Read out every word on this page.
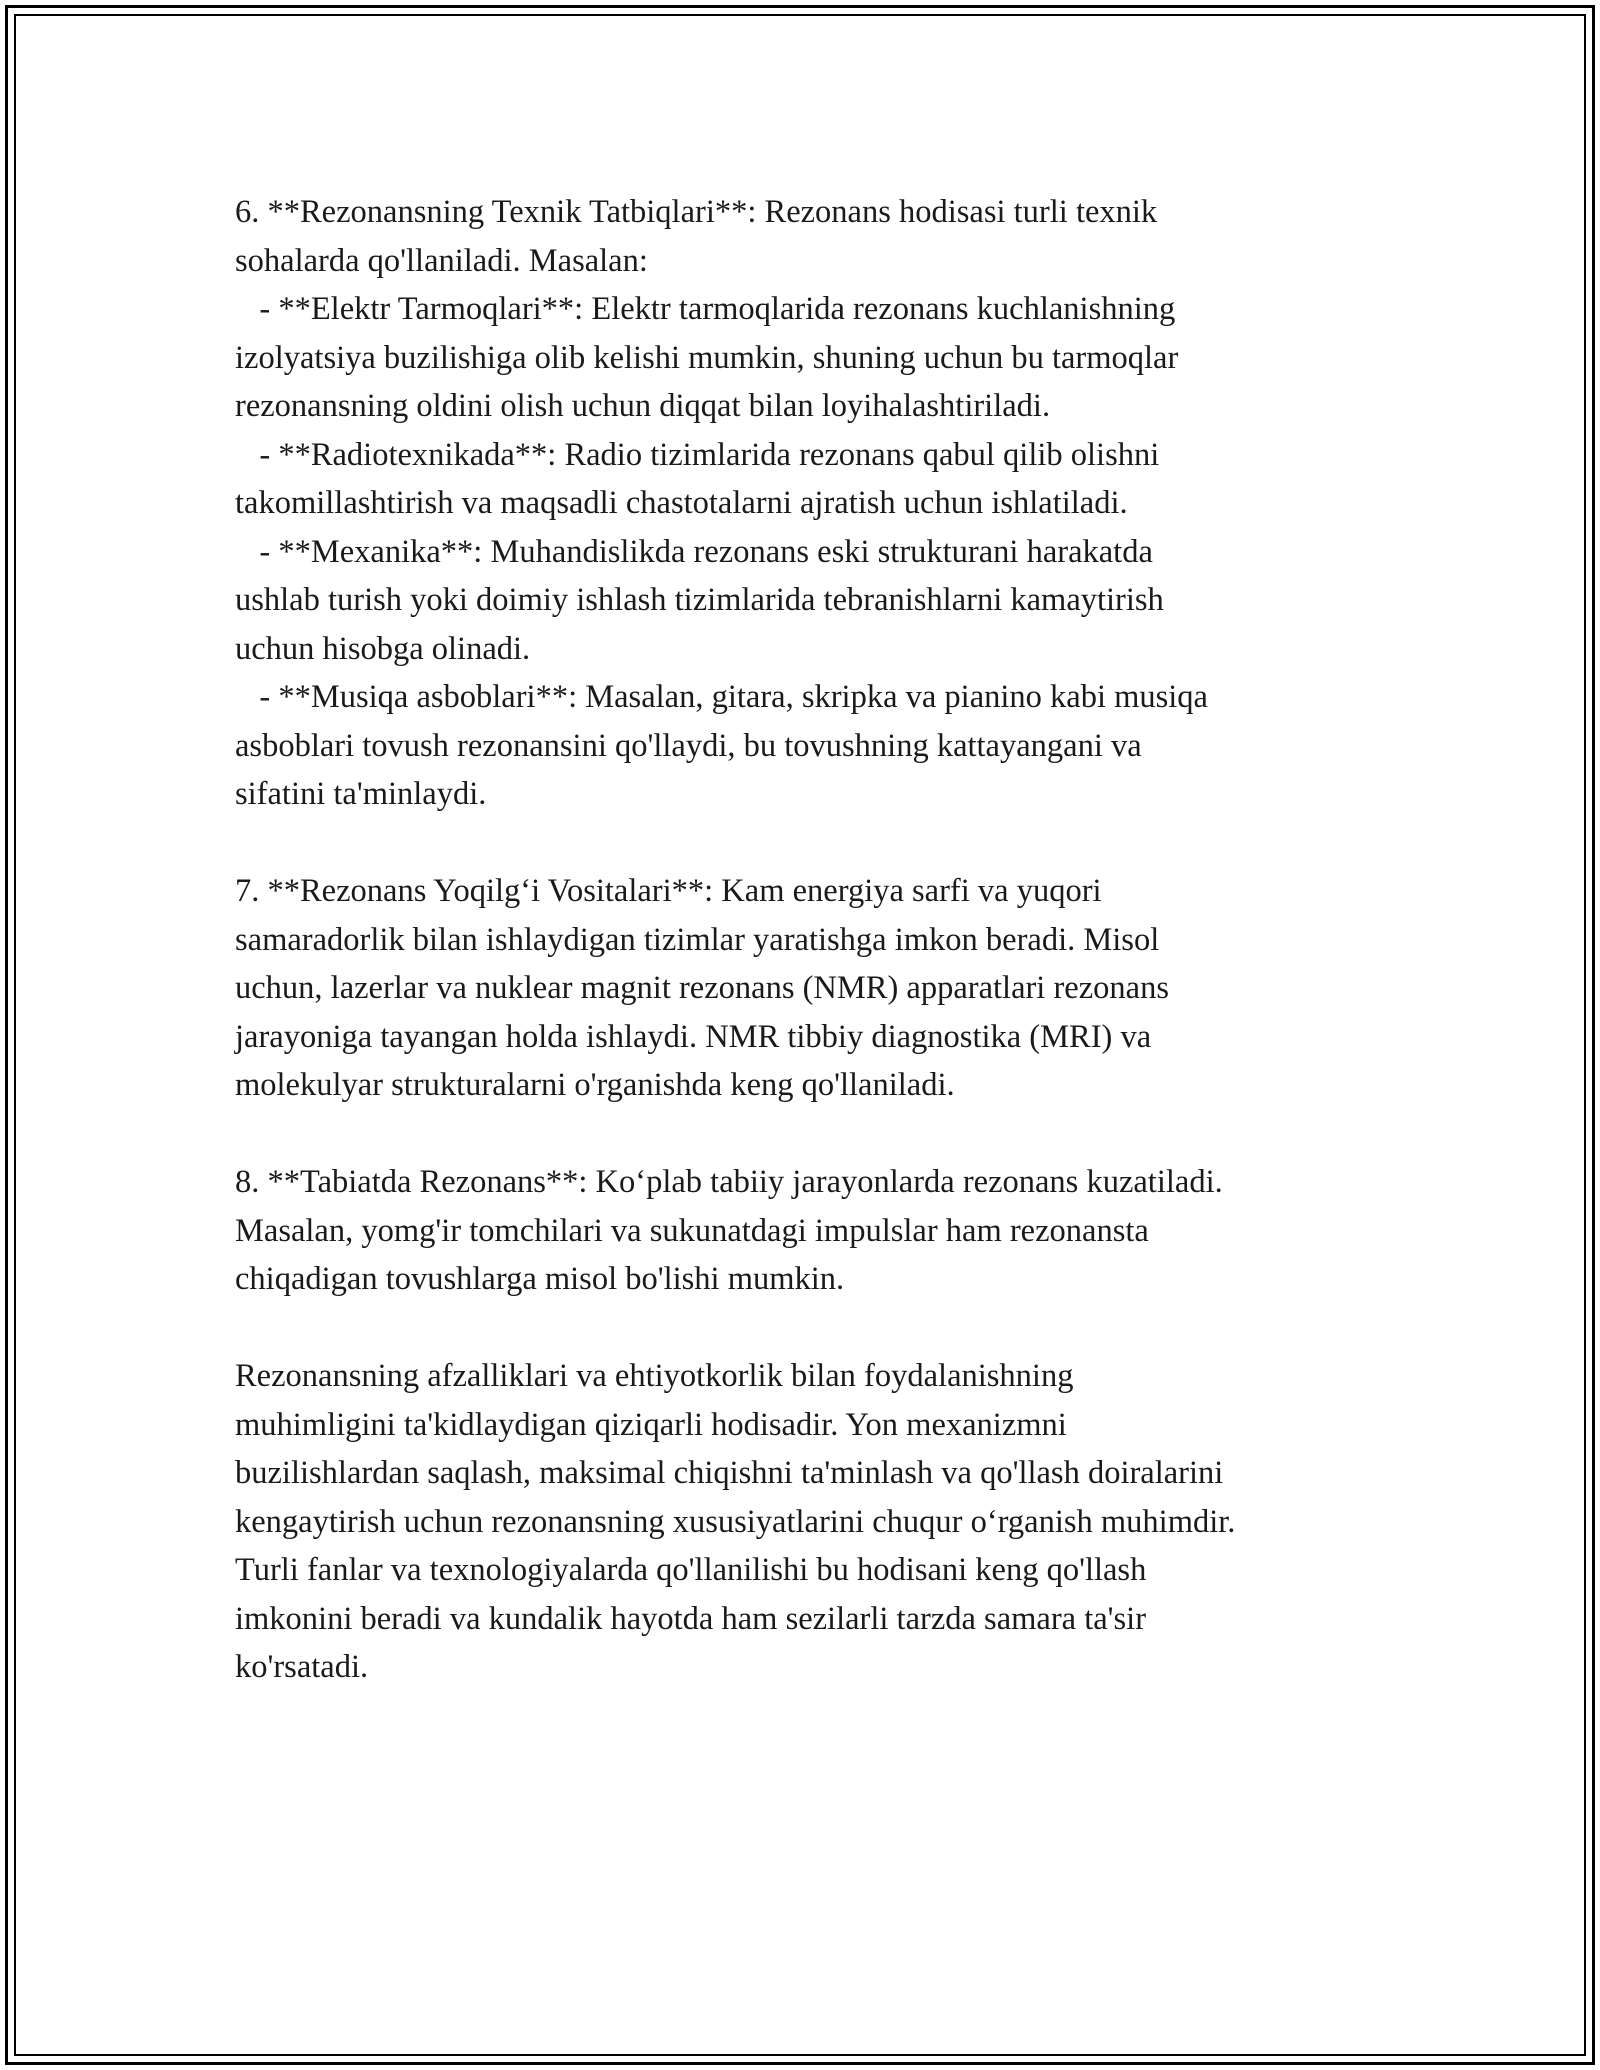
6. **Rezonansning Texnik Tatbiqlari**: Rezonans hodisasi turli texnik

sohalarda qo'llaniladi. Masalan:

- **Elektr Tarmoqlari**: Elektr tarmoqlarida rezonans kuchlanishning

izolyatsiya buzilishiga olib kelishi mumkin, shuning uchun bu tarmoqlar

rezonansning oldini olish uchun diqqat bilan loyihalashtiriladi.

- **Radiotexnikada**: Radio tizimlarida rezonans qabul qilib olishni

takomillashtirish va maqsadli chastotalarni ajratish uchun ishlatiladi.

- **Mexanika**: Muhandislikda rezonans eski strukturani harakatda

ushlab turish yoki doimiy ishlash tizimlarida tebranishlarni kamaytirish

uchun hisobga olinadi.

- **Musiqa asboblari**: Masalan, gitara, skripka va pianino kabi musiqa

asboblari tovush rezonansini qo'llaydi, bu tovushning kattayangani va

sifatini ta'minlaydi.

7. **Rezonans Yoqilg‘i Vositalari**: Kam energiya sarfi va yuqori

samaradorlik bilan ishlaydigan tizimlar yaratishga imkon beradi. Misol

uchun, lazerlar va nuklear magnit rezonans (NMR) apparatlari rezonans

jarayoniga tayangan holda ishlaydi. NMR tibbiy diagnostika (MRI) va

molekulyar strukturalarni o'rganishda keng qo'llaniladi.

8. **Tabiatda Rezonans**: Ko‘plab tabiiy jarayonlarda rezonans kuzatiladi.

Masalan, yomg'ir tomchilari va sukunatdagi impulslar ham rezonansta

chiqadigan tovushlarga misol bo'lishi mumkin.

Rezonansning afzalliklari va ehtiyotkorlik bilan foydalanishning

muhimligini ta'kidlaydigan qiziqarli hodisadir. Yon mexanizmni

buzilishlardan saqlash, maksimal chiqishni ta'minlash va qo'llash doiralarini

kengaytirish uchun rezonansning xususiyatlarini chuqur o‘rganish muhimdir.

Turli fanlar va texnologiyalarda qo'llanilishi bu hodisani keng qo'llash

imkonini beradi va kundalik hayotda ham sezilarli tarzda samara ta'sir

ko'rsatadi.
